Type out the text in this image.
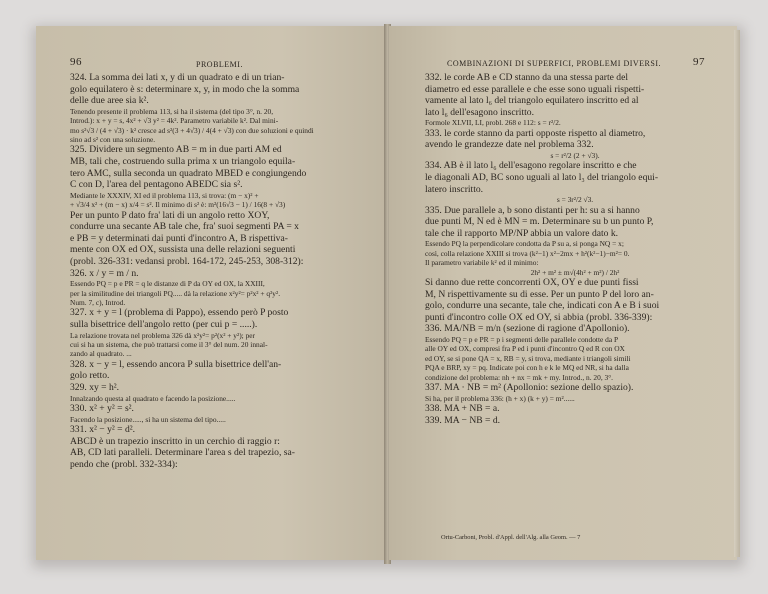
96	PROBLEMI.

324. La somma dei lati x, y di un quadrato e di un trian-

golo equilatero è s: determinare x, y, in modo che la somma

delle due aree sia k².

Tenendo presente il problema 113, si ha il sistema (del tipo 3°, n. 20,

Introd.): x + y = s, 4x² + √3 y² = 4k². Parametro variabile k². Dal mini-

mo s²√3 / (4 + √3) · k² cresce ad s²(3 + 4√3) / 4(4 + √3) con due soluzioni e quindi

sino ad s² con una soluzione.

325. Dividere un segmento AB = m in due parti AM ed

MB, tali che, costruendo sulla prima x un triangolo equila-

tero AMC, sulla seconda un quadrato MBED e congiungendo

C con D, l'area del pentagono ABEDC sia s².

Mediante le XXXIV, XI ed il problema 113, si trova: (m − x)² +

+ √3/4 x² + (m − x) x/4 = s². Il minimo di s² è: m²(16√3 − 1) / 16(8 + √3)

Per un punto P dato fra' lati di un angolo retto XOY,

condurre una secante AB tale che, fra' suoi segmenti PA = x

e PB = y determinati dai punti d'incontro A, B rispettiva-

mente con OX ed OX, sussista una delle relazioni seguenti

(probl. 326-331: vedansi probl. 164-172, 245-253, 308-312):

326. x / y = m / n.

Essendo PQ = p e PR = q le distanze di P da OY ed OX, la XXIII,

per la similitudine dei triangoli PQ..... dà la relazione x²y²= p²x² + q²y².

Num. 7, c), Introd.

327. x + y = l (problema di Pappo), essendo però P posto

sulla bisettrice dell'angolo retto (per cui p = .....).

La relazione trovata nel problema 326 dà x²y²= p²(x² + y²); per

cui si ha un sistema, che può trattarsi come il 3° del num. 20 innal-

zando al quadrato. ...

328. x − y = l, essendo ancora P sulla bisettrice dell'an-

golo retto.

329. xy = h².

Innalzando questa al quadrato e facendo la posizione.....

330. x² + y² = s².

Facendo la posizione....., si ha un sistema del tipo.....

331. x² − y² = d².

ABCD è un trapezio inscritto in un cerchio di raggio r:

AB, CD lati paralleli. Determinare l'area s del trapezio, sa-

pendo che (probl. 332-334):

COMBINAZIONI DI SUPERFICI, PROBLEMI DIVERSI.	97

332. le corde AB e CD stanno da una stessa parte del

diametro ed esse parallele e che esse sono uguali rispetti-

vamente al lato l₆ del triangolo equilatero inscritto ed al

lato l₆ dell'esagono inscritto.

Formole XLVII, LI, probl. 268 e 112: s = r²/2.

333. le corde stanno da parti opposte rispetto al diametro,

avendo le grandezze date nel problema 332.

s = r²/2 (2 + √3).

334. AB è il lato l₆ dell'esagono regolare inscritto e che

le diagonali AD, BC sono uguali al lato l₃ del triangolo equi-

latero inscritto.

s = 3r²/2 √3.

335. Due parallele a, b sono distanti per h: su a si hanno

due punti M, N ed è MN = m. Determinare su b un punto P,

tale che il rapporto MP/NP abbia un valore dato k.

Essendo PQ la perpendicolare condotta da P su a, si ponga NQ = x;

così, colla relazione XXIII si trova (k²−1) x²−2mx + h²(k²−1)−m²= 0.

Il parametro variabile k² ed il minimo:

2h² + m² ± m√(4h² + m²) / 2h²

Si danno due rette concorrenti OX, OY e due punti fissi

M, N rispettivamente su di esse. Per un punto P del loro an-

golo, condurre una secante, tale che, indicati con A e B i suoi

punti d'incontro colle OX ed OY, si abbia (probl. 336-339):

336. MA/NB = m/n (sezione di ragione d'Apollonio).

Essendo PQ = p e PR = p i segmenti delle parallele condotte da P

alle OY ed OX, compresi fra P ed i punti d'incontro Q ed R con OX

ed OY, se si pone QA = x, RB = y, si trova, mediante i triangoli simili

PQA e BRP, xy = pq. Indicate poi con h e k le MQ ed NR, si ha dalla

condizione del problema: nh + nx = mk + my. Introd., n. 20, 3°.

337. MA · NB = m² (Apollonio: sezione dello spazio).

Si ha, per il problema 336: (h + x) (k + y) = m²......

338. MA + NB = a.

339. MA − NB = d.

Ortu-Carboni, Probl. d'Appl. dell'Alg. alla Geom. — 7
